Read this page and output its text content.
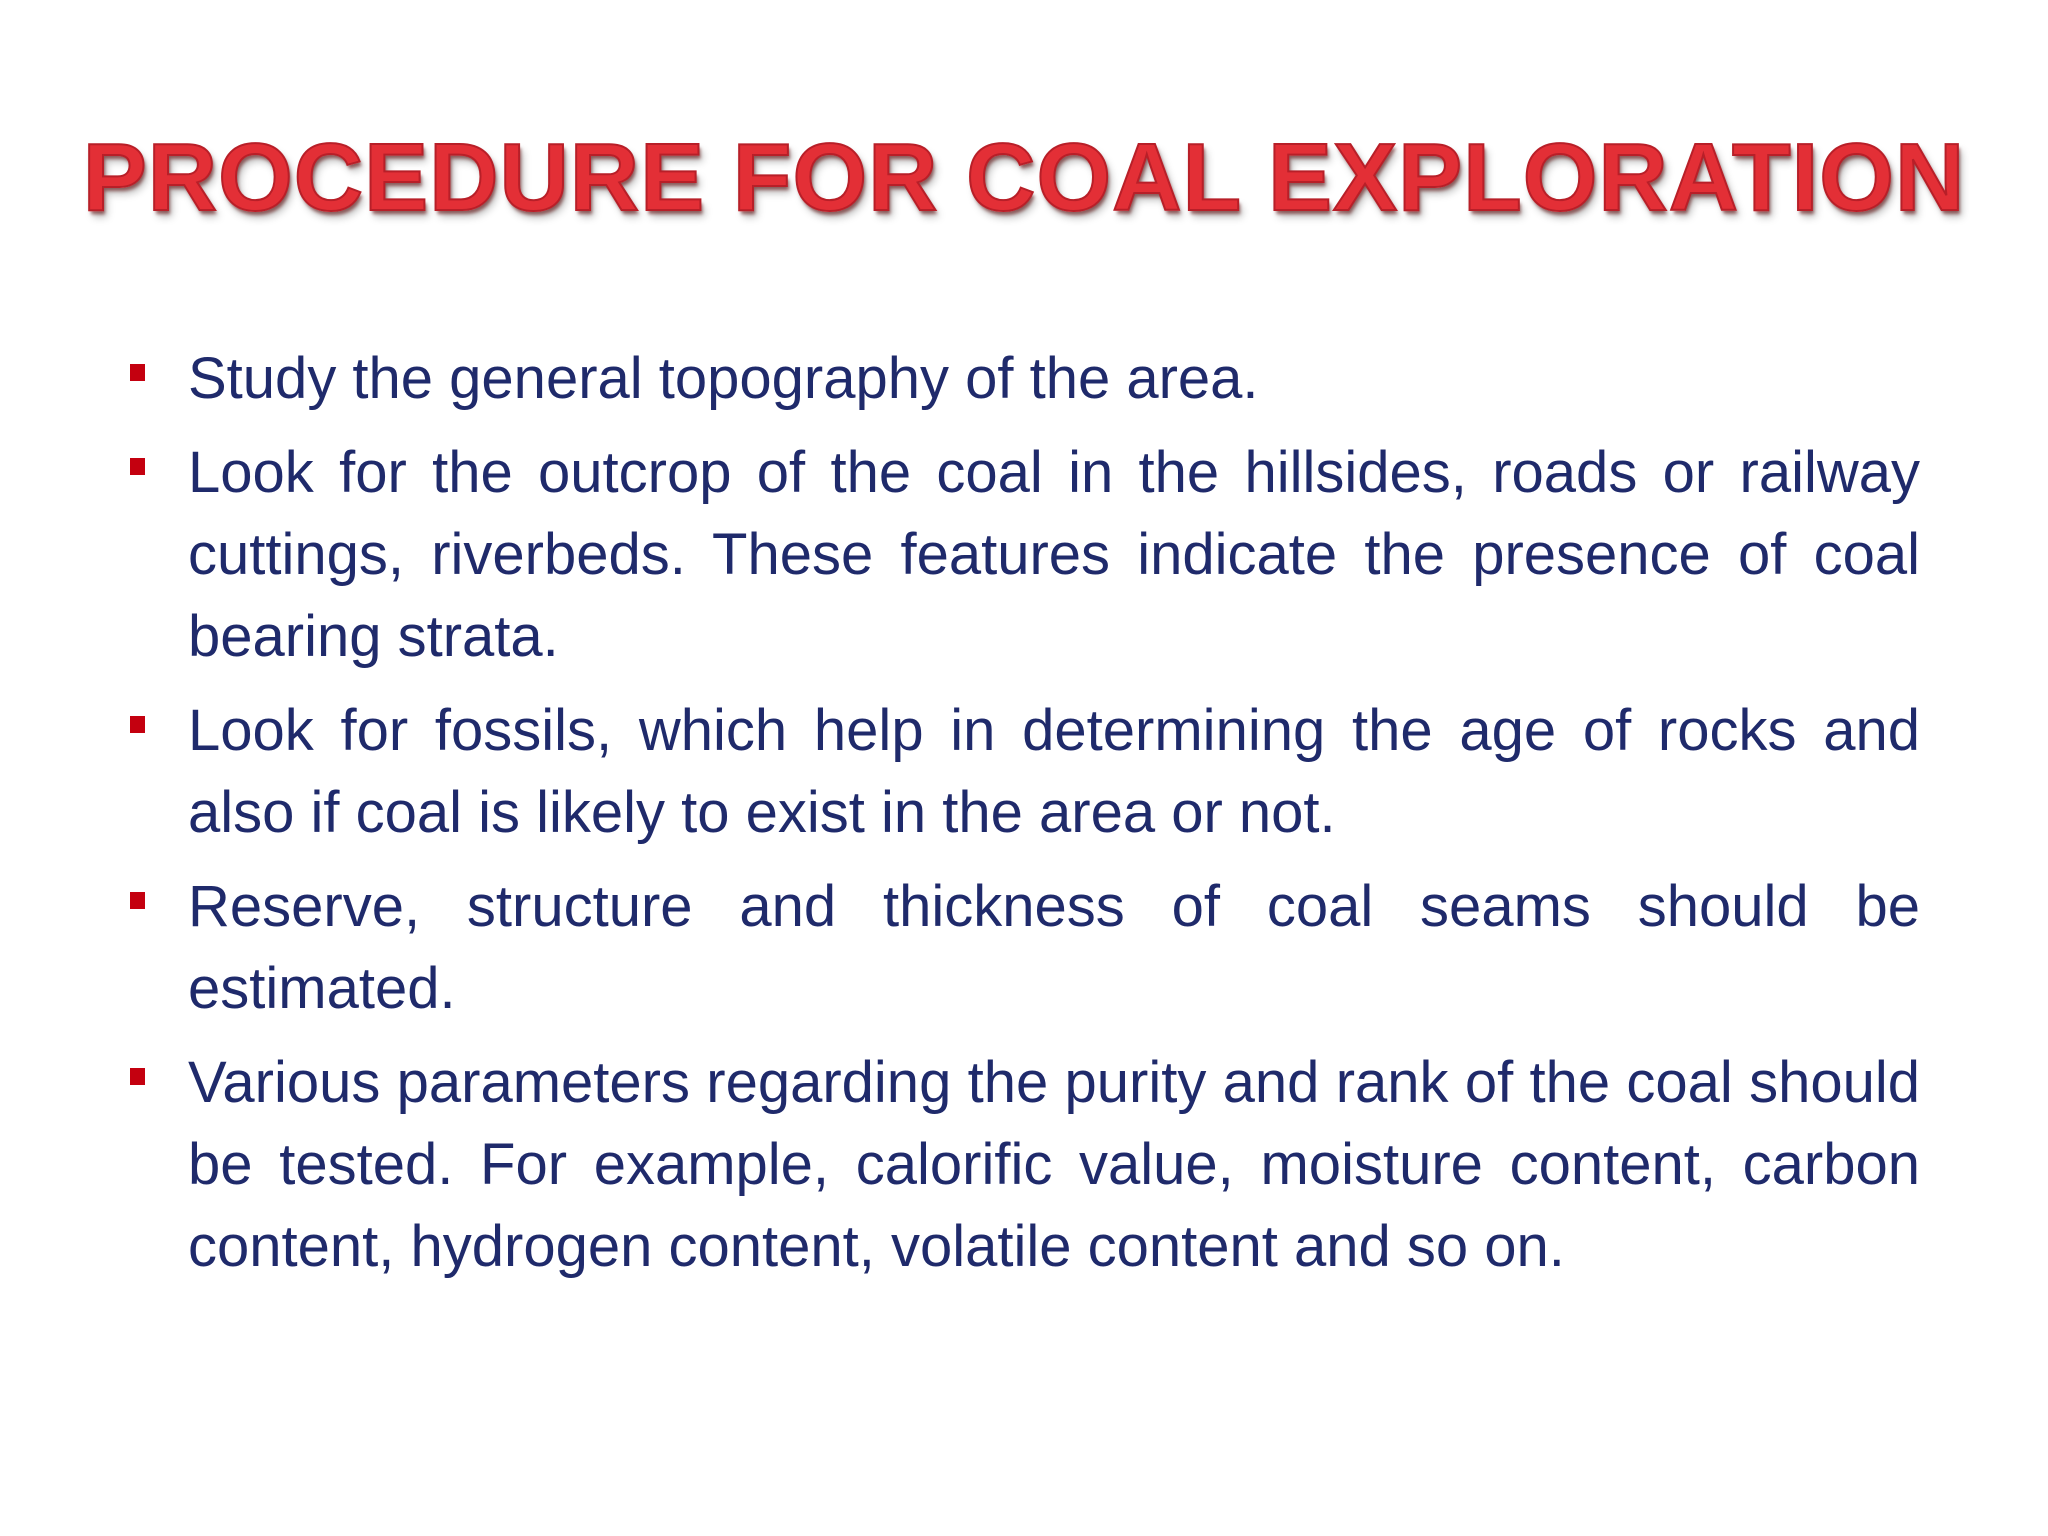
PROCEDURE FOR COAL EXPLORATION
Study the general topography of the area.
Look for the outcrop of the coal in the hillsides, roads or railway cuttings, riverbeds. These features indicate the presence of coal bearing strata.
Look for fossils, which help in determining the age of rocks and also if coal is likely to exist in the area or not.
Reserve, structure and thickness of coal seams should be estimated.
Various parameters regarding the purity and rank of the coal should be tested. For example, calorific value, moisture content, carbon content, hydrogen content, volatile content and so on.
